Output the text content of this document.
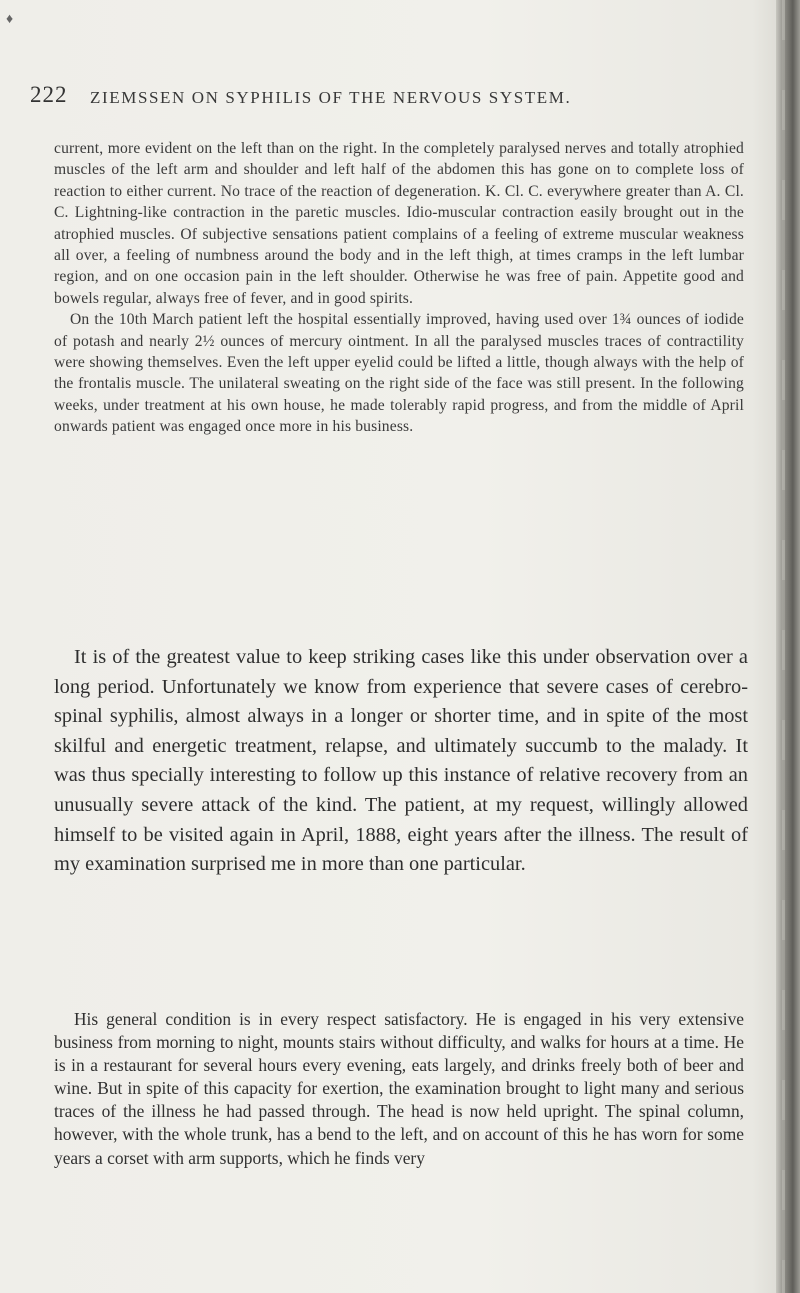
♦
222 ZIEMSSEN ON SYPHILIS OF THE NERVOUS SYSTEM.

current, more evident on the left than on the right. In the completely paralysed nerves and totally atrophied muscles of the left arm and shoulder and left half of the abdomen this has gone on to complete loss of reaction to either current. No trace of the reaction of degeneration. K. Cl. C. everywhere greater than A. Cl. C. Lightning-like contraction in the paretic muscles. Idio-muscular contraction easily brought out in the atrophied muscles. Of subjective sensations patient complains of a feeling of extreme muscular weakness all over, a feeling of numbness around the body and in the left thigh, at times cramps in the left lumbar region, and on one occasion pain in the left shoulder. Otherwise he was free of pain. Appetite good and bowels regular, always free of fever, and in good spirits.

On the 10th March patient left the hospital essentially improved, having used over 1¾ ounces of iodide of potash and nearly 2½ ounces of mercury ointment. In all the paralysed muscles traces of contractility were showing themselves. Even the left upper eyelid could be lifted a little, though always with the help of the frontalis muscle. The unilateral sweating on the right side of the face was still present. In the following weeks, under treatment at his own house, he made tolerably rapid progress, and from the middle of April onwards patient was engaged once more in his business.

It is of the greatest value to keep striking cases like this under observation over a long period. Unfortunately we know from experience that severe cases of cerebro-spinal syphilis, almost always in a longer or shorter time, and in spite of the most skilful and energetic treatment, relapse, and ultimately succumb to the malady. It was thus specially interesting to follow up this instance of relative recovery from an unusually severe attack of the kind. The patient, at my request, willingly allowed himself to be visited again in April, 1888, eight years after the illness. The result of my examination surprised me in more than one particular.

His general condition is in every respect satisfactory. He is engaged in his very extensive business from morning to night, mounts stairs without difficulty, and walks for hours at a time. He is in a restaurant for several hours every evening, eats largely, and drinks freely both of beer and wine. But in spite of this capacity for exertion, the examination brought to light many and serious traces of the illness he had passed through. The head is now held upright. The spinal column, however, with the whole trunk, has a bend to the left, and on account of this he has worn for some years a corset with arm supports, which he finds very
